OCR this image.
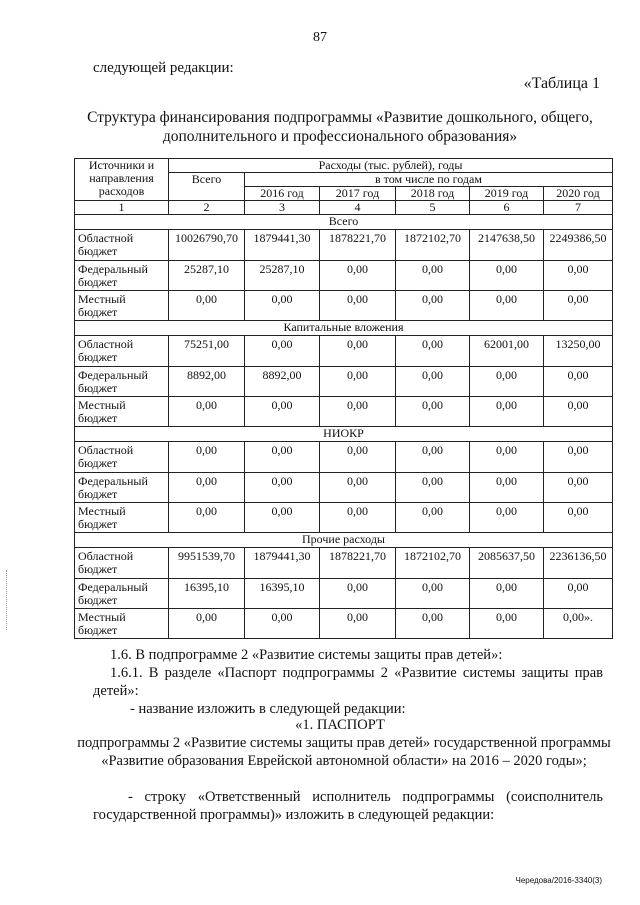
87
следующей редакции:
«Таблица 1
Структура финансирования подпрограммы «Развитие дошкольного, общего,
дополнительного и профессионального образования»
Источники и направления расходов	Расходы (тыс. рублей), годы					
	Всего	в том числе по годам				
		2016 год	2017 год	2018 год	2019 год	2020 год
1	2	3	4	5	6	7
Всего						
Областной бюджет	10026790,70	1879441,30	1878221,70	1872102,70	2147638,50	2249386,50
Федеральный бюджет	25287,10	25287,10	0,00	0,00	0,00	0,00
Местный бюджет	0,00	0,00	0,00	0,00	0,00	0,00
Капитальные вложения						
Областной бюджет	75251,00	0,00	0,00	0,00	62001,00	13250,00
Федеральный бюджет	8892,00	8892,00	0,00	0,00	0,00	0,00
Местный бюджет	0,00	0,00	0,00	0,00	0,00	0,00
НИОКР						
Областной бюджет	0,00	0,00	0,00	0,00	0,00	0,00
Федеральный бюджет	0,00	0,00	0,00	0,00	0,00	0,00
Местный бюджет	0,00	0,00	0,00	0,00	0,00	0,00
Прочие расходы						
Областной бюджет	9951539,70	1879441,30	1878221,70	1872102,70	2085637,50	2236136,50
Федеральный бюджет	16395,10	16395,10	0,00	0,00	0,00	0,00
Местный бюджет	0,00	0,00	0,00	0,00	0,00	0,00».
1.6. В подпрограмме 2 «Развитие системы защиты прав детей»:
1.6.1. В разделе «Паспорт подпрограммы 2 «Развитие системы защиты прав детей»:
- название изложить в следующей редакции:
«1. ПАСПОРТ
подпрограммы 2 «Развитие системы защиты прав детей» государственной программы «Развитие образования Еврейской автономной области» на 2016 – 2020 годы»;
- строку «Ответственный исполнитель подпрограммы (соисполнитель государственной программы)» изложить в следующей редакции:
Чередова/2016-3340(3)
